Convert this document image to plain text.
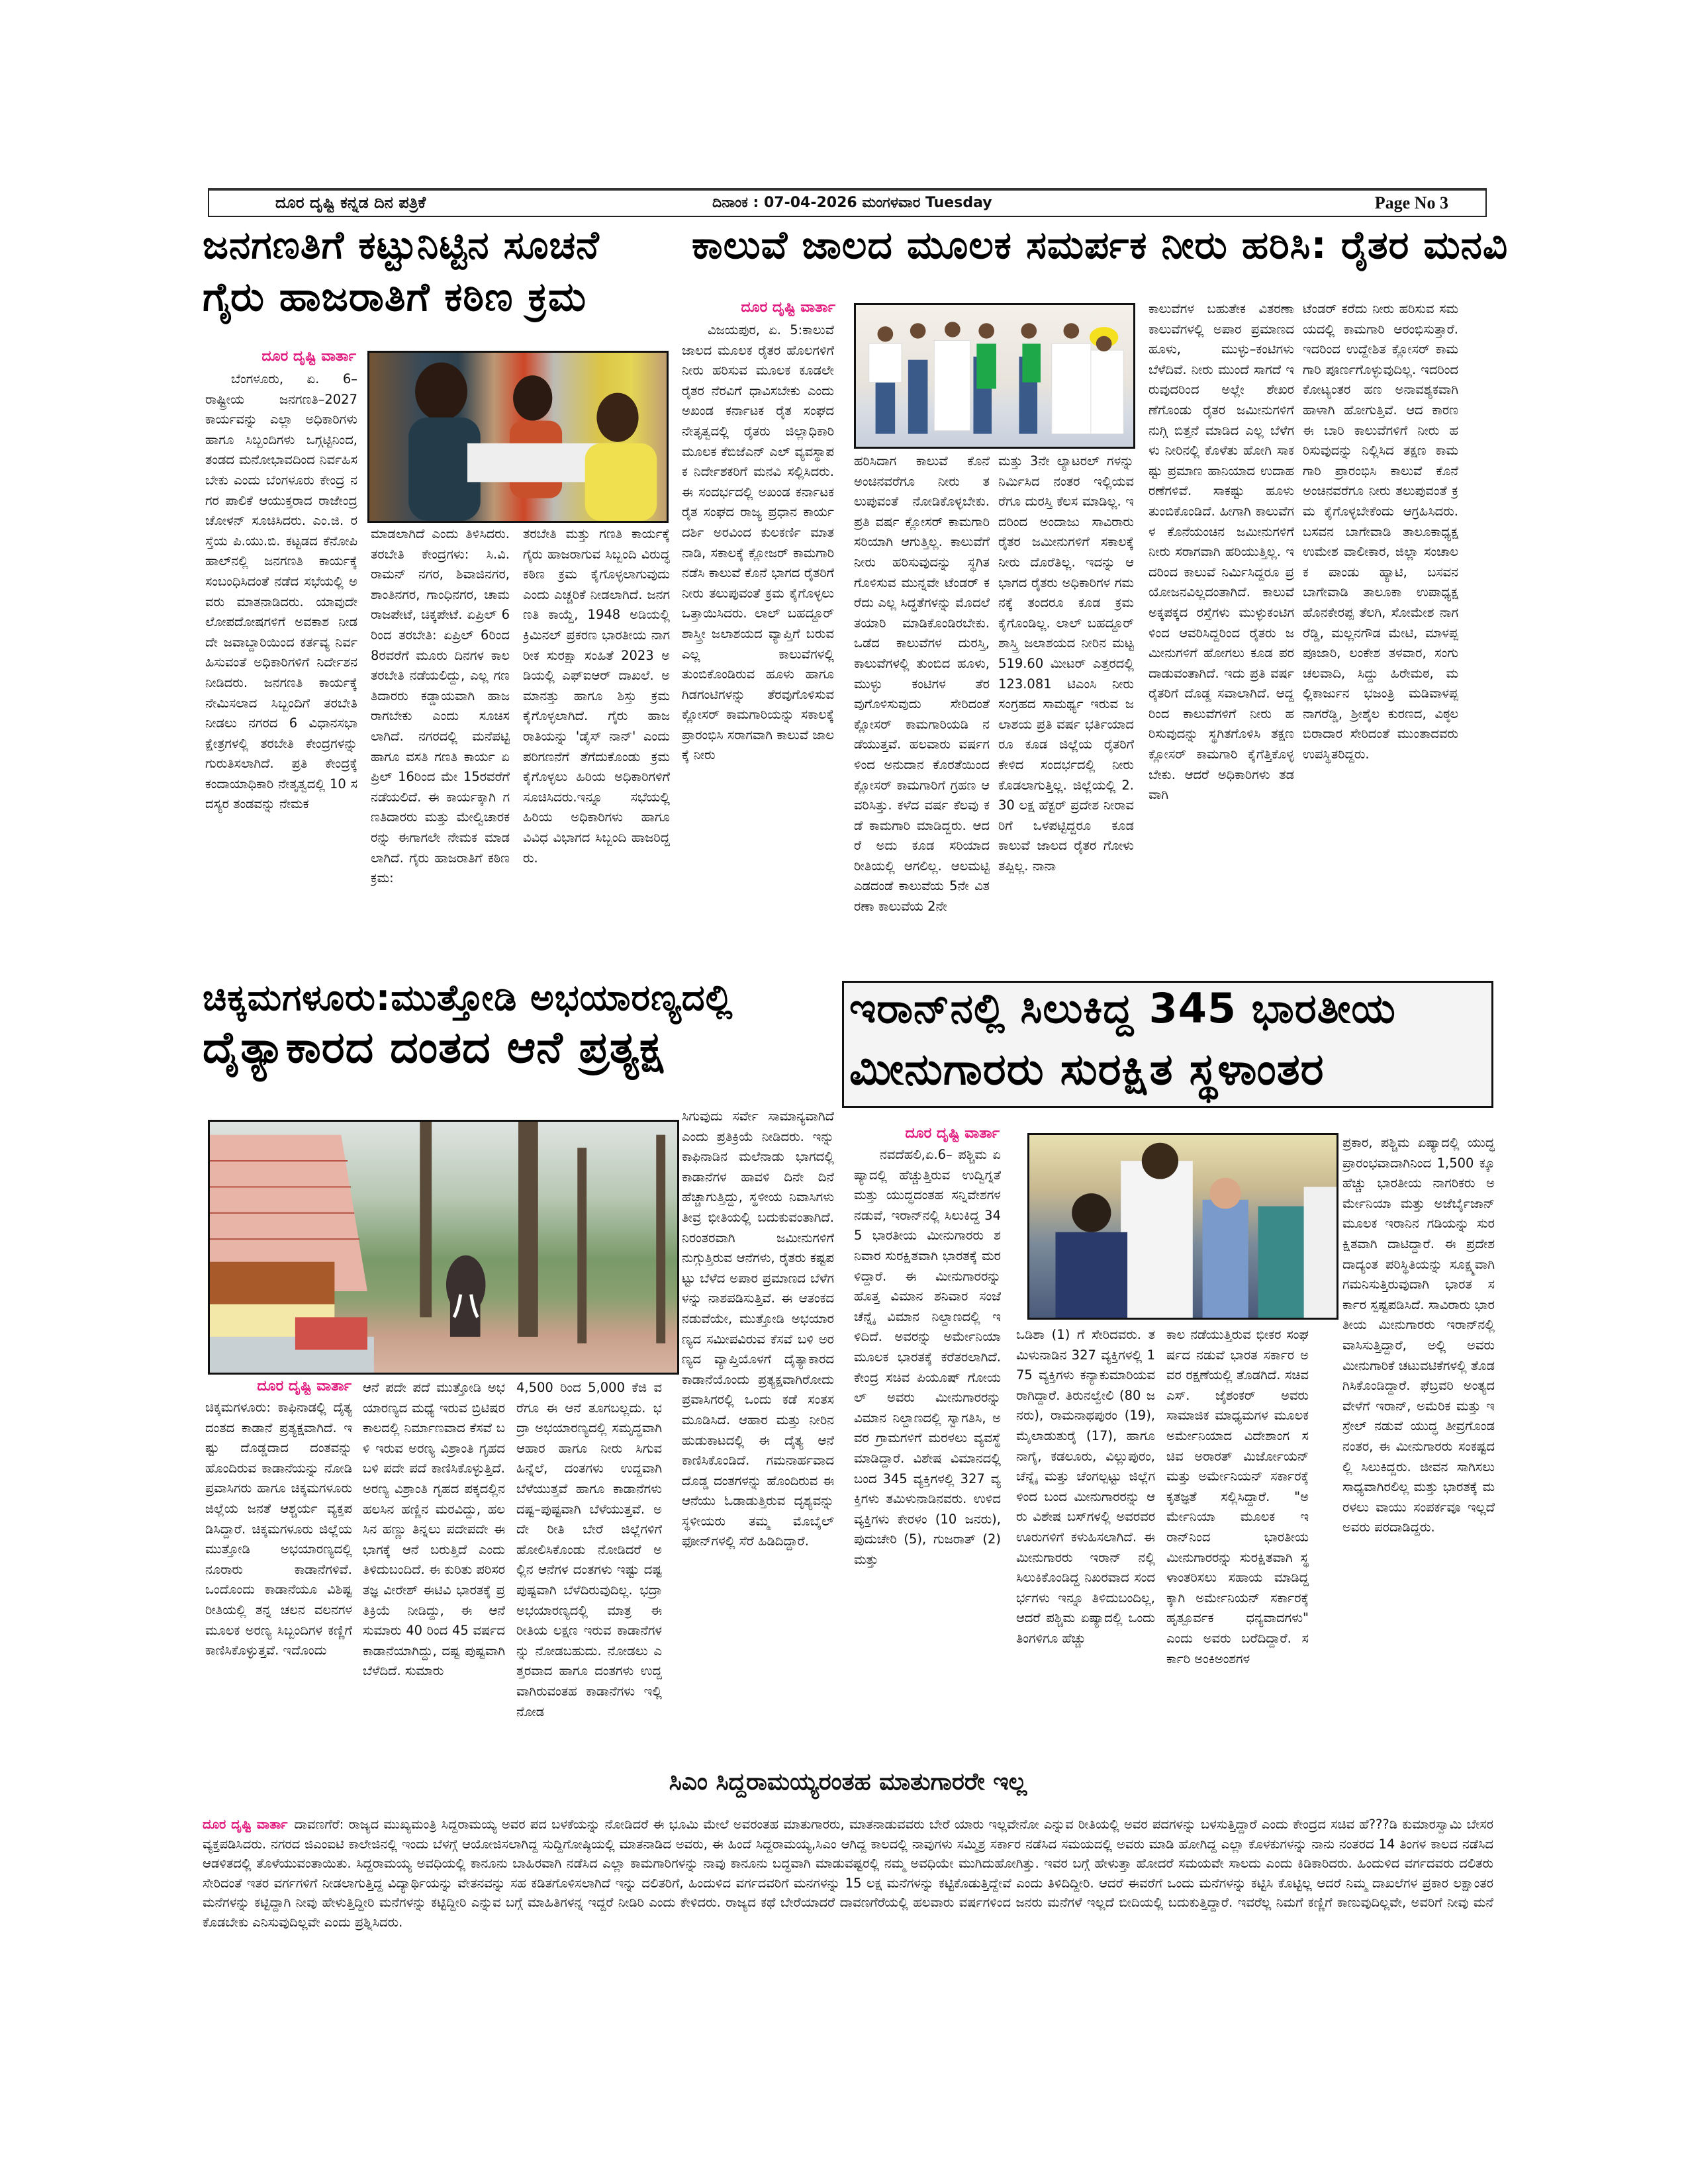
ದೂರ ದೃಷ್ಟಿ ಕನ್ನಡ ದಿನ ಪತ್ರಿಕೆ	ದಿನಾಂಕ : 07-04-2026 ಮಂಗಳವಾರ Tuesday	Page No 3
ಜನಗಣತಿಗೆ ಕಟ್ಟುನಿಟ್ಟಿನ ಸೂಚನೆ
ಗೈರು ಹಾಜರಾತಿಗೆ ಕಠಿಣ ಕ್ರಮ
ದೂರ ದೃಷ್ಟಿ ವಾರ್ತಾ

ಬೆಂಗಳೂರು, ಏ. 6– ರಾಷ್ಟ್ರೀಯ ಜನಗಣತಿ–2027 ಕಾರ್ಯವನ್ನು ಎಲ್ಲಾ ಅಧಿಕಾರಿಗಳು ಹಾಗೂ ಸಿಬ್ಬಂದಿಗಳು ಒಗ್ಗಟ್ಟಿನಿಂದ, ತಂಡದ ಮನೋಭಾವದಿಂದ ನಿರ್ವಹಿಸಬೇಕು ಎಂದು ಬೆಂಗಳೂರು ಕೇಂದ್ರ ನಗರ ಪಾಲಿಕೆ ಆಯುಕ್ತರಾದ ರಾಜೇಂದ್ರ ಚೋಳನ್ ಸೂಚಿಸಿದರು. ಎಂ.ಜಿ. ರಸ್ತೆಯ ಪಿ.ಯು.ಬಿ. ಕಟ್ಟಡದ ಕೆನೋಪಿ ಹಾಲ್‌ನಲ್ಲಿ ಜನಗಣತಿ ಕಾರ್ಯಕ್ಕೆ ಸಂಬಂಧಿಸಿದಂತೆ ನಡೆದ ಸಭೆಯಲ್ಲಿ ಅವರು ಮಾತನಾಡಿದರು. ಯಾವುದೇ ಲೋಪದೋಷಗಳಿಗೆ ಅವಕಾಶ ನೀಡದೇ ಜವಾಬ್ದಾರಿಯಿಂದ ಕರ್ತವ್ಯ ನಿರ್ವಹಿಸುವಂತೆ ಅಧಿಕಾರಿಗಳಿಗೆ ನಿರ್ದೇಶನ ನೀಡಿದರು. ಜನಗಣತಿ ಕಾರ್ಯಕ್ಕೆ ನೇಮಿಸಲಾದ ಸಿಬ್ಬಂದಿಗೆ ತರಬೇತಿ ನೀಡಲು ನಗರದ 6 ವಿಧಾನಸಭಾ ಕ್ಷೇತ್ರಗಳಲ್ಲಿ ತರಬೇತಿ ಕೇಂದ್ರಗಳನ್ನು ಗುರುತಿಸಲಾಗಿದೆ. ಪ್ರತಿ ಕೇಂದ್ರಕ್ಕೆ ಕಂದಾಯಾಧಿಕಾರಿ ನೇತೃತ್ವದಲ್ಲಿ 10 ಸದಸ್ಯರ ತಂಡವನ್ನು ನೇಮಕ

ಮಾಡಲಾಗಿದೆ ಎಂದು ತಿಳಿಸಿದರು. ತರಬೇತಿ ಕೇಂದ್ರಗಳು: ಸಿ.ವಿ. ರಾಮನ್ ನಗರ, ಶಿವಾಜಿನಗರ, ಶಾಂತಿನಗರ, ಗಾಂಧಿನಗರ, ಚಾಮರಾಜಪೇಟೆ, ಚಿಕ್ಕಪೇಟೆ. ಏಪ್ರಿಲ್ 6ರಿಂದ ತರಬೇತಿ: ಏಪ್ರಿಲ್ 6ರಿಂದ 8ರವರೆಗೆ ಮೂರು ದಿನಗಳ ಕಾಲ ತರಬೇತಿ ನಡೆಯಲಿದ್ದು, ಎಲ್ಲ ಗಣತಿದಾರರು ಕಡ್ಡಾಯವಾಗಿ ಹಾಜರಾಗಬೇಕು ಎಂದು ಸೂಚಿಸಲಾಗಿದೆ. ನಗರದಲ್ಲಿ ಮನೆಪಟ್ಟಿ ಹಾಗೂ ವಸತಿ ಗಣತಿ ಕಾರ್ಯ ಏಪ್ರಿಲ್ 16ರಿಂದ ಮೇ 15ರವರೆಗೆ ನಡೆಯಲಿದೆ. ಈ ಕಾರ್ಯಕ್ಕಾಗಿ ಗಣತಿದಾರರು ಮತ್ತು ಮೇಲ್ವಿಚಾರಕರನ್ನು ಈಗಾಗಲೇ ನೇಮಕ ಮಾಡಲಾಗಿದೆ. ಗೈರು ಹಾಜರಾತಿಗೆ ಕಠಿಣ ಕ್ರಮ:

ತರಬೇತಿ ಮತ್ತು ಗಣತಿ ಕಾರ್ಯಕ್ಕೆ ಗೈರು ಹಾಜರಾಗುವ ಸಿಬ್ಬಂದಿ ವಿರುದ್ಧ ಕಠಿಣ ಕ್ರಮ ಕೈಗೊಳ್ಳಲಾಗುವುದು ಎಂದು ಎಚ್ಚರಿಕೆ ನೀಡಲಾಗಿದೆ. ಜನಗಣತಿ ಕಾಯ್ದೆ, 1948 ಅಡಿಯಲ್ಲಿ ಕ್ರಿಮಿನಲ್ ಪ್ರಕರಣ ಭಾರತೀಯ ನಾಗರೀಕ ಸುರಕ್ಷಾ ಸಂಹಿತೆ 2023 ಅಡಿಯಲ್ಲಿ ಎಫ್‌ಐಆರ್ ದಾಖಲೆ. ಅಮಾನತ್ತು ಹಾಗೂ ಶಿಸ್ತು ಕ್ರಮ ಕೈಗೊಳ್ಳಲಾಗಿದೆ. ಗೈರು ಹಾಜರಾತಿಯನ್ನು 'ಡೈಸ್ ನಾನ್' ಎಂದು ಪರಿಗಣನೆಗೆ ತೆಗೆದುಕೊಂಡು ಕ್ರಮ ಕೈಗೊಳ್ಳಲು ಹಿರಿಯ ಅಧಿಕಾರಿಗಳಿಗೆ ಸೂಚಿಸಿದರು.ಇನ್ನೂ ಸಭೆಯಲ್ಲಿ ಹಿರಿಯ ಅಧಿಕಾರಿಗಳು ಹಾಗೂ ವಿವಿಧ ವಿಭಾಗದ ಸಿಬ್ಬಂದಿ ಹಾಜರಿದ್ದರು.

ಕಾಲುವೆ ಜಾಲದ ಮೂಲಕ ಸಮರ್ಪಕ ನೀರು ಹರಿಸಿ: ರೈತರ ಮನವಿ
ದೂರ ದೃಷ್ಟಿ ವಾರ್ತಾ

ವಿಜಯಪುರ, ಏ. 5:ಕಾಲುವೆ ಜಾಲದ ಮೂಲಕ ರೈತರ ಹೊಲಗಳಿಗೆ ನೀರು ಹರಿಸುವ ಮೂಲಕ ಕೂಡಲೇ ರೈತರ ನೆರವಿಗೆ ಧಾವಿಸಬೇಕು ಎಂದು ಅಖಂಡ ಕರ್ನಾಟಕ ರೈತ ಸಂಘದ ನೇತೃತ್ವದಲ್ಲಿ ರೈತರು ಜಿಲ್ಲಾಧಿಕಾರಿ ಮೂಲಕ ಕೆಬಿಜೆಎನ್ ಎಲ್ ವ್ಯವಸ್ಥಾಪಕ ನಿರ್ದೇಶಕರಿಗೆ ಮನವಿ ಸಲ್ಲಿಸಿದರು. ಈ ಸಂದರ್ಭದಲ್ಲಿ ಅಖಂಡ ಕರ್ನಾಟಕ ರೈತ ಸಂಘದ ರಾಜ್ಯ ಪ್ರಧಾನ ಕಾರ್ಯದರ್ಶಿ ಅರವಿಂದ ಕುಲಕರ್ಣಿ ಮಾತನಾಡಿ, ಸಕಾಲಕ್ಕೆ ಕ್ಲೋಜರ್ ಕಾಮಗಾರಿ ನಡೆಸಿ ಕಾಲುವೆ ಕೊನೆ ಭಾಗದ ರೈತರಿಗೆ ನೀರು ತಲುಪುವಂತೆ ಕ್ರಮ ಕೈಗೊಳ್ಳಲು ಒತ್ತಾಯಿಸಿದರು. ಲಾಲ್ ಬಹದ್ದೂರ್ ಶಾಸ್ತ್ರೀ ಜಲಾಶಯದ ವ್ಯಾಪ್ತಿಗೆ ಬರುವ ಎಲ್ಲ ಕಾಲುವೆಗಳಲ್ಲಿ ತುಂಬಿಕೊಂಡಿರುವ ಹೂಳು ಹಾಗೂ ಗಿಡಗಂಟಿಗಳನ್ನು ತೆರವುಗೊಳಿಸುವ ಕ್ಲೋಸರ್ ಕಾಮಗಾರಿಯನ್ನು ಸಕಾಲಕ್ಕೆ ಪ್ರಾರಂಭಿಸಿ ಸರಾಗವಾಗಿ ಕಾಲುವೆ ಜಾಲಕ್ಕೆ ನೀರು

ಹರಿಸಿದಾಗ ಕಾಲುವೆ ಕೊನೆ ಅಂಚಿನವರೆಗೂ ನೀರು ತಲುಪುವಂತೆ ನೋಡಿಕೊಳ್ಳಬೇಕು. ಪ್ರತಿ ವರ್ಷ ಕ್ಲೋಸರ್ ಕಾಮಗಾರಿ ಸರಿಯಾಗಿ ಆಗುತ್ತಿಲ್ಲ. ಕಾಲುವೆಗೆ ನೀರು ಹರಿಸುವುದನ್ನು ಸ್ಥಗಿತಗೊಳಿಸುವ ಮುನ್ನವೇ ಟೆಂಡರ್ ಕರೆದು ಎಲ್ಲ ಸಿದ್ಧತೆಗಳನ್ನು ಮೊದಲೆ ತಯಾರಿ ಮಾಡಿಕೊಂಡಿರಬೇಕು. ಒಡೆದ ಕಾಲುವೆಗಳ ದುರಸ್ತಿ, ಕಾಲುವೆಗಳಲ್ಲಿ ತುಂಬಿದ ಹೂಳು, ಮುಳ್ಳು ಕಂಟಿಗಳ ತೆರವುಗೊಳಿಸುವುದು ಸೇರಿದಂತೆ ಕ್ಲೋಸರ್ ಕಾಮಗಾರಿಯಡಿ ನಡೆಯುತ್ತವೆ. ಹಲವಾರು ವರ್ಷಗಳಿಂದ ಅನುದಾನ ಕೊರತೆಯಿಂದ ಕ್ಲೋಸರ್ ಕಾಮಗಾರಿಗೆ ಗ್ರಹಣ ಆವರಿಸಿತ್ತು. ಕಳೆದ ವರ್ಷ ಕೆಲವು ಕಡೆ ಕಾಮಗಾರಿ ಮಾಡಿದ್ದರು. ಆದರೆ ಅದು ಕೂಡ ಸರಿಯಾದ ರೀತಿಯಲ್ಲಿ ಆಗಲಿಲ್ಲ. ಆಲಮಟ್ಟಿ ಎಡದಂಡೆ ಕಾಲುವೆಯ 5ನೇ ವಿತರಣಾ ಕಾಲುವೆಯ 2ನೇ

ಮತ್ತು 3ನೇ ಲ್ಯಾಟರಲ್ ಗಳನ್ನು ನಿರ್ಮಿಸಿದ ನಂತರ ಇಲ್ಲಿಯವರೆಗೂ ದುರಸ್ತಿ ಕೆಲಸ ಮಾಡಿಲ್ಲ. ಇದರಿಂದ ಅಂದಾಜು ಸಾವಿರಾರು ರೈತರ ಜಮೀನುಗಳಿಗೆ ಸಕಾಲಕ್ಕೆ ನೀರು ದೊರೆತಿಲ್ಲ. ಇದನ್ನು ಆ ಭಾಗದ ರೈತರು ಅಧಿಕಾರಿಗಳ ಗಮನಕ್ಕೆ ತಂದರೂ ಕೂಡ ಕ್ರಮ ಕೈಗೊಂಡಿಲ್ಲ. ಲಾಲ್ ಬಹದ್ದೂರ್ ಶಾಸ್ತ್ರಿ ಜಲಾಶಯದ ನೀರಿನ ಮಟ್ಟ 519.60 ಮೀಟರ್ ಎತ್ತರದಲ್ಲಿ 123.081 ಟಿಎಂಸಿ ನೀರು ಸಂಗ್ರಹದ ಸಾಮರ್ಥ್ಯ ಇರುವ ಜಲಾಶಯ ಪ್ರತಿ ವರ್ಷ ಭರ್ತಿಯಾದರೂ ಕೂಡ ಜಿಲ್ಲೆಯ ರೈತರಿಗೆ ಕೇಳಿದ ಸಂದರ್ಭದಲ್ಲಿ ನೀರು ಕೊಡಲಾಗುತ್ತಿಲ್ಲ. ಜಿಲ್ಲೆಯಲ್ಲಿ 2.30 ಲಕ್ಷ ಹೆಕ್ಟರ್ ಪ್ರದೇಶ ನೀರಾವರಿಗೆ ಒಳಪಟ್ಟಿದ್ದರೂ ಕೂಡ ಕಾಲುವೆ ಜಾಲದ ರೈತರ ಗೋಳು ತಪ್ಪಿಲ್ಲ. ನಾನಾ

ಕಾಲುವೆಗಳ ಬಹುತೇಕ ವಿತರಣಾ ಕಾಲುವೆಗಳಲ್ಲಿ ಅಪಾರ ಪ್ರಮಾಣದ ಹೂಳು, ಮುಳ್ಳು–ಕಂಟಿಗಳು ಬೆಳೆದಿವೆ. ನೀರು ಮುಂದೆ ಸಾಗದೆ ಇರುವುದರಿಂದ ಅಲ್ಲೇ ಶೇಖರಣೆಗೊಂಡು ರೈತರ ಜಮೀನುಗಳಿಗೆ ನುಗ್ಗಿ ಬಿತ್ತನೆ ಮಾಡಿದ ಎಲ್ಲ ಬೆಳೆಗಳು ನೀರಿನಲ್ಲಿ ಕೊಳೆತು ಹೋಗಿ ಸಾಕಷ್ಟು ಪ್ರಮಾಣ ಹಾನಿಯಾದ ಉದಾಹರಣೆಗಳಿವೆ. ಸಾಕಷ್ಟು ಹೂಳು ತುಂಬಿಕೊಂಡಿದೆ. ಹೀಗಾಗಿ ಕಾಲುವೆಗಳ ಕೊನೆಯಂಚಿನ ಜಮೀನುಗಳಿಗೆ ನೀರು ಸರಾಗವಾಗಿ ಹರಿಯುತ್ತಿಲ್ಲ. ಇದರಿಂದ ಕಾಲುವೆ ನಿರ್ಮಿಸಿದ್ದರೂ ಪ್ರಯೋಜನವಿಲ್ಲದಂತಾಗಿದೆ. ಕಾಲುವೆ ಅಕ್ಕಪಕ್ಕದ ರಸ್ತೆಗಳು ಮುಳ್ಳುಕಂಟಿಗಳಿಂದ ಆವರಿಸಿದ್ದರಿಂದ ರೈತರು ಜಮೀನುಗಳಿಗೆ ಹೋಗಲು ಕೂಡ ಪರದಾಡುವಂತಾಗಿದೆ. ಇದು ಪ್ರತಿ ವರ್ಷ ರೈತರಿಗೆ ದೊಡ್ಡ ಸವಾಲಾಗಿದೆ. ಆದ್ದರಿಂದ ಕಾಲುವೆಗಳಿಗೆ ನೀರು ಹರಿಸುವುದನ್ನು ಸ್ಥಗಿತಗೊಳಿಸಿ ತಕ್ಷಣ ಕ್ಲೋಸರ್ ಕಾಮಗಾರಿ ಕೈಗೆತ್ತಿಕೊಳ್ಳಬೇಕು. ಆದರೆ ಅಧಿಕಾರಿಗಳು ತಡವಾಗಿ

ಟೆಂಡರ್ ಕರೆದು ನೀರು ಹರಿಸುವ ಸಮಯದಲ್ಲಿ ಕಾಮಗಾರಿ ಆರಂಭಿಸುತ್ತಾರೆ. ಇದರಿಂದ ಉದ್ದೇಶಿತ ಕ್ಲೋಸರ್ ಕಾಮಗಾರಿ ಪೂರ್ಣಗೊಳ್ಳುವುದಿಲ್ಲ. ಇದರಿಂದ ಕೋಟ್ಯಂತರ ಹಣ ಅನಾವಶ್ಯಕವಾಗಿ ಹಾಳಾಗಿ ಹೋಗುತ್ತಿವೆ. ಆದ ಕಾರಣ ಈ ಬಾರಿ ಕಾಲುವೆಗಳಿಗೆ ನೀರು ಹರಿಸುವುದನ್ನು ನಿಲ್ಲಿಸಿದ ತಕ್ಷಣ ಕಾಮಗಾರಿ ಪ್ರಾರಂಭಿಸಿ ಕಾಲುವೆ ಕೊನೆ ಅಂಚಿನವರೆಗೂ ನೀರು ತಲುಪುವಂತೆ ಕ್ರಮ ಕೈಗೊಳ್ಳಬೇಕೆಂದು ಆಗ್ರಹಿಸಿದರು. ಬಸವನ ಬಾಗೇವಾಡಿ ತಾಲೂಕಾಧ್ಯಕ್ಷ ಉಮೇಶ ವಾಲೀಕಾರ, ಜಿಲ್ಲಾ ಸಂಚಾಲಕ ಪಾಂಡು ಹ್ಯಾಟಿ, ಬಸವನ ಬಾಗೇವಾಡಿ ತಾಲೂಕಾ ಉಪಾಧ್ಯಕ್ಷ ಹೊನಕೇರಪ್ಪ ತೆಲಗಿ, ಸೋಮೇಶ ನಾಗರೆಡ್ಡಿ, ಮಲ್ಲನಗೌಡ ಮೇಟಿ, ಮಾಳಪ್ಪ ಪೂಜಾರಿ, ಲಂಕೇಶ ತಳವಾರ, ಸಂಗು ಚಲವಾದಿ, ಸಿದ್ದು ಹಿರೇಮಠ, ಮಲ್ಲಿಕಾರ್ಜುನ ಭಜಂತ್ರಿ ಮಡಿವಾಳಪ್ಪ ನಾಗರೆಡ್ಡಿ, ಶ್ರೀಶೈಲ ಕುರಣದ, ವಿಠ್ಠಲ ಬಿರಾದಾರ ಸೇರಿದಂತೆ ಮುಂತಾದವರು ಉಪಸ್ಥಿತರಿದ್ದರು.

ಚಿಕ್ಕಮಗಳೂರು:ಮುತ್ತೋಡಿ ಅಭಯಾರಣ್ಯದಲ್ಲಿ
ದೈತ್ಯಾಕಾರದ ದಂತದ ಆನೆ ಪ್ರತ್ಯಕ್ಷ
ದೂರ ದೃಷ್ಟಿ ವಾರ್ತಾ

ಚಿಕ್ಕಮಗಳೂರು: ಕಾಫಿನಾಡಲ್ಲಿ ದೈತ್ಯ ದಂತದ ಕಾಡಾನೆ ಪ್ರತ್ಯಕ್ಷವಾಗಿದೆ. ಇಷ್ಟು ದೊಡ್ಡದಾದ ದಂತವನ್ನು ಹೊಂದಿರುವ ಕಾಡಾನೆಯನ್ನು ನೋಡಿ ಪ್ರವಾಸಿಗರು ಹಾಗೂ ಚಿಕ್ಕಮಗಳೂರು ಜಿಲ್ಲೆಯ ಜನತೆ ಆಶ್ಚರ್ಯ ವ್ಯಕ್ತಪಡಿಸಿದ್ದಾರೆ. ಚಿಕ್ಕಮಗಳೂರು ಜಿಲ್ಲೆಯ ಮುತ್ತೋಡಿ ಅಭಯಾರಣ್ಯದಲ್ಲಿ ನೂರಾರು ಕಾಡಾನೆಗಳಿವೆ. ಒಂದೊಂದು ಕಾಡಾನೆಯೂ ವಿಶಿಷ್ಟ ರೀತಿಯಲ್ಲಿ ತನ್ನ ಚಲನ ವಲನಗಳ ಮೂಲಕ ಅರಣ್ಯ ಸಿಬ್ಬಂದಿಗಳ ಕಣ್ಣಿಗೆ ಕಾಣಿಸಿಕೊಳ್ಳುತ್ತವೆ. ಇದೊಂದು

ಆನೆ ಪದೇ ಪದೆ ಮುತ್ತೋಡಿ ಅಭಯಾರಣ್ಯದ ಮಧ್ಯೆ ಇರುವ ಬ್ರಿಟಿಷರ ಕಾಲದಲ್ಲಿ ನಿರ್ಮಾಣವಾದ ಕೆಸವೆ ಬಳಿ ಇರುವ ಅರಣ್ಯ ವಿಶ್ರಾಂತಿ ಗೃಹದ ಬಳಿ ಪದೇ ಪದೆ ಕಾಣಿಸಿಕೊಳ್ಳುತ್ತಿದೆ. ಅರಣ್ಯ ವಿಶ್ರಾಂತಿ ಗೃಹದ ಪಕ್ಕದಲ್ಲಿನ ಹಲಸಿನ ಹಣ್ಣಿನ ಮರವಿದ್ದು, ಹಲಸಿನ ಹಣ್ಣು ತಿನ್ನಲು ಪದೇಪದೇ ಈ ಭಾಗಕ್ಕೆ ಆನೆ ಬರುತ್ತಿದೆ ಎಂದು ತಿಳಿದುಬಂದಿದೆ. ಈ ಕುರಿತು ಪರಿಸರ ತಜ್ಞ ವೀರೇಶ್ ಈಟಿವಿ ಭಾರತಕ್ಕೆ ಪ್ರತಿಕ್ರಿಯೆ ನೀಡಿದ್ದು, ಈ ಆನೆ ಸುಮಾರು 40 ರಿಂದ 45 ವರ್ಷದ ಕಾಡಾನೆಯಾಗಿದ್ದು, ದಷ್ಟ ಪುಷ್ಟವಾಗಿ ಬೆಳೆದಿದೆ. ಸುಮಾರು

4,500 ರಿಂದ 5,000 ಕೆಜಿ ವರೆಗೂ ಈ ಆನೆ ತೂಗಬಲ್ಲದು. ಭದ್ರಾ ಅಭಯಾರಣ್ಯದಲ್ಲಿ ಸಮೃದ್ಧವಾಗಿ ಆಹಾರ ಹಾಗೂ ನೀರು ಸಿಗುವ ಹಿನ್ನೆಲೆ, ದಂತಗಳು ಉದ್ದವಾಗಿ ಬೆಳೆಯುತ್ತವೆ ಹಾಗೂ ಕಾಡಾನೆಗಳು ದಷ್ಟ–ಪುಷ್ಟವಾಗಿ ಬೆಳೆಯುತ್ತವೆ. ಅದೇ ರೀತಿ ಬೇರೆ ಜಿಲ್ಲೆಗಳಿಗೆ ಹೋಲಿಸಿಕೊಂಡು ನೋಡಿದರೆ ಅಲ್ಲಿನ ಆನೆಗಳ ದಂತಗಳು ಇಷ್ಟು ದಷ್ಟಪುಷ್ಟವಾಗಿ ಬೆಳೆದಿರುವುದಿಲ್ಲ. ಭದ್ರಾ ಅಭಯಾರಣ್ಯದಲ್ಲಿ ಮಾತ್ರ ಈ ರೀತಿಯ ಲಕ್ಷಣ ಇರುವ ಕಾಡಾನೆಗಳನ್ನು ನೋಡಬಹುದು. ನೋಡಲು ಎತ್ತರವಾದ ಹಾಗೂ ದಂತಗಳು ಉದ್ದವಾಗಿರುವಂತಹ ಕಾಡಾನೆಗಳು ಇಲ್ಲಿ ನೋಡ

ಸಿಗುವುದು ಸರ್ವೇ ಸಾಮಾನ್ಯವಾಗಿದೆ ಎಂದು ಪ್ರತಿಕ್ರಿಯೆ ನೀಡಿದರು. ಇನ್ನು ಕಾಫಿನಾಡಿನ ಮಲೆನಾಡು ಭಾಗದಲ್ಲಿ ಕಾಡಾನೆಗಳ ಹಾವಳಿ ದಿನೇ ದಿನೆ ಹೆಚ್ಚಾಗುತ್ತಿದ್ದು, ಸ್ಥಳೀಯ ನಿವಾಸಿಗಳು ತೀವ್ರ ಭೀತಿಯಲ್ಲಿ ಬದುಕುವಂತಾಗಿದೆ. ನಿರಂತರವಾಗಿ ಜಮೀನುಗಳಿಗೆ ನುಗ್ಗುತ್ತಿರುವ ಆನೆಗಳು, ರೈತರು ಕಷ್ಟಪಟ್ಟು ಬೆಳೆದ ಅಪಾರ ಪ್ರಮಾಣದ ಬೆಳೆಗಳನ್ನು ನಾಶಪಡಿಸುತ್ತಿವೆ. ಈ ಆತಂಕದ ನಡುವೆಯೇ, ಮುತ್ತೋಡಿ ಅಭಯಾರಣ್ಯದ ಸಮೀಪವಿರುವ ಕೆಸವೆ ಬಳಿ ಅರಣ್ಯದ ವ್ಯಾಪ್ತಿಯೊಳಗೆ ದೈತ್ಯಾಕಾರದ ಕಾಡಾನೆಯೊಂದು ಪ್ರತ್ಯಕ್ಷವಾಗಿರೋದು ಪ್ರವಾಸಿಗರಲ್ಲಿ ಒಂದು ಕಡೆ ಸಂತಸ ಮೂಡಿಸಿದೆ. ಆಹಾರ ಮತ್ತು ನೀರಿನ ಹುಡುಕಾಟದಲ್ಲಿ ಈ ದೈತ್ಯ ಆನೆ ಕಾಣಿಸಿಕೊಂಡಿದೆ. ಗಮನಾರ್ಹವಾದ ದೊಡ್ಡ ದಂತಗಳನ್ನು ಹೊಂದಿರುವ ಈ ಆನೆಯು ಓಡಾಡುತ್ತಿರುವ ದೃಶ್ಯವನ್ನು ಸ್ಥಳೀಯರು ತಮ್ಮ ಮೊಬೈಲ್ ಫೋನ್‌ಗಳಲ್ಲಿ ಸೆರೆ ಹಿಡಿದಿದ್ದಾರೆ.

ಇರಾನ್‌ನಲ್ಲಿ ಸಿಲುಕಿದ್ದ 345 ಭಾರತೀಯ
ಮೀನುಗಾರರು ಸುರಕ್ಷಿತ ಸ್ಥಳಾಂತರ
ದೂರ ದೃಷ್ಟಿ ವಾರ್ತಾ

ನವದೆಹಲಿ,ಏ.6– ಪಶ್ಚಿಮ ಏಷ್ಯಾದಲ್ಲಿ ಹೆಚ್ಚುತ್ತಿರುವ ಉದ್ವಿಗ್ನತೆ ಮತ್ತು ಯುದ್ಧದಂತಹ ಸನ್ನಿವೇಶಗಳ ನಡುವೆ, ಇರಾನ್‌ನಲ್ಲಿ ಸಿಲುಕಿದ್ದ 345 ಭಾರತೀಯ ಮೀನುಗಾರರು ಶನಿವಾರ ಸುರಕ್ಷಿತವಾಗಿ ಭಾರತಕ್ಕೆ ಮರಳಿದ್ದಾರೆ. ಈ ಮೀನುಗಾರರನ್ನು ಹೊತ್ತ ವಿಮಾನ ಶನಿವಾರ ಸಂಜೆ ಚೆನ್ನೈ ವಿಮಾನ ನಿಲ್ದಾಣದಲ್ಲಿ ಇಳಿದಿದೆ. ಅವರನ್ನು ಅರ್ಮೇನಿಯಾ ಮೂಲಕ ಭಾರತಕ್ಕೆ ಕರೆತರಲಾಗಿದೆ. ಕೇಂದ್ರ ಸಚಿವ ಪಿಯೂಷ್ ಗೋಯಲ್ ಅವರು ಮೀನುಗಾರರನ್ನು ವಿಮಾನ ನಿಲ್ದಾಣದಲ್ಲಿ ಸ್ವಾಗತಿಸಿ, ಅವರ ಗ್ರಾಮಗಳಿಗೆ ಮರಳಲು ವ್ಯವಸ್ಥೆ ಮಾಡಿದ್ದಾರೆ. ವಿಶೇಷ ವಿಮಾನದಲ್ಲಿ ಬಂದ 345 ವ್ಯಕ್ತಿಗಳಲ್ಲಿ 327 ವ್ಯಕ್ತಿಗಳು ತಮಿಳುನಾಡಿನವರು. ಉಳಿದ ವ್ಯಕ್ತಿಗಳು ಕೇರಳಂ (10 ಜನರು), ಪುದುಚೇರಿ (5), ಗುಜರಾತ್ (2) ಮತ್ತು

ಒಡಿಶಾ (1) ಗೆ ಸೇರಿದವರು. ತಮಿಳುನಾಡಿನ 327 ವ್ಯಕ್ತಿಗಳಲ್ಲಿ 175 ವ್ಯಕ್ತಿಗಳು ಕನ್ಯಾಕುಮಾರಿಯವರಾಗಿದ್ದಾರೆ. ತಿರುನಲ್ವೇಲಿ (80 ಜನರು), ರಾಮನಾಥಪುರಂ (19), ಮೈಲಾಡುತುರೈ (17), ಹಾಗೂ ನಾಗೈ, ಕಡಲೂರು, ವಿಲ್ಲುಪುರಂ, ಚೆನ್ನೈ ಮತ್ತು ಚೆಂಗಲ್ಪಟ್ಟು ಜಿಲ್ಲೆಗಳಿಂದ ಬಂದ ಮೀನುಗಾರರನ್ನು ಆರು ವಿಶೇಷ ಬಸ್‌ಗಳಲ್ಲಿ ಅವರವರ ಊರುಗಳಿಗೆ ಕಳುಹಿಸಲಾಗಿದೆ. ಈ ಮೀನುಗಾರರು ಇರಾನ್ ನಲ್ಲಿ ಸಿಲುಕಿಕೊಂಡಿದ್ದ ನಿಖರವಾದ ಸಂದರ್ಭಗಳು ಇನ್ನೂ ತಿಳಿದುಬಂದಿಲ್ಲ, ಆದರೆ ಪಶ್ಚಿಮ ಏಷ್ಯಾದಲ್ಲಿ ಒಂದು ತಿಂಗಳಿಗೂ ಹೆಚ್ಚು

ಕಾಲ ನಡೆಯುತ್ತಿರುವ ಭೀಕರ ಸಂಘರ್ಷದ ನಡುವೆ ಭಾರತ ಸರ್ಕಾರ ಅವರ ರಕ್ಷಣೆಯಲ್ಲಿ ತೊಡಗಿದೆ. ಸಚಿವ ಎಸ್. ಜೈಶಂಕರ್ ಅವರು ಸಾಮಾಜಿಕ ಮಾಧ್ಯಮಗಳ ಮೂಲಕ ಅರ್ಮೇನಿಯಾದ ವಿದೇಶಾಂಗ ಸಚಿವ ಅರಾರತ್ ಮಿರ್ಜೋಯನ್ ಮತ್ತು ಅರ್ಮೇನಿಯನ್ ಸರ್ಕಾರಕ್ಕೆ ಕೃತಜ್ಞತೆ ಸಲ್ಲಿಸಿದ್ದಾರೆ. "ಅರ್ಮೇನಿಯಾ ಮೂಲಕ ಇರಾನ್‌ನಿಂದ ಭಾರತೀಯ ಮೀನುಗಾರರನ್ನು ಸುರಕ್ಷಿತವಾಗಿ ಸ್ಥಳಾಂತರಿಸಲು ಸಹಾಯ ಮಾಡಿದ್ದಕ್ಕಾಗಿ ಅರ್ಮೇನಿಯನ್ ಸರ್ಕಾರಕ್ಕೆ ಹೃತ್ಪೂರ್ವಕ ಧನ್ಯವಾದಗಳು" ಎಂದು ಅವರು ಬರೆದಿದ್ದಾರೆ. ಸರ್ಕಾರಿ ಅಂಕಿಅಂಶಗಳ

ಪ್ರಕಾರ, ಪಶ್ಚಿಮ ಏಷ್ಯಾದಲ್ಲಿ ಯುದ್ಧ ಪ್ರಾರಂಭವಾದಾಗಿನಿಂದ 1,500 ಕ್ಕೂ ಹೆಚ್ಚು ಭಾರತೀಯ ನಾಗರಿಕರು ಅರ್ಮೇನಿಯಾ ಮತ್ತು ಅಜೆರ್ಬೈಜಾನ್ ಮೂಲಕ ಇರಾನಿನ ಗಡಿಯನ್ನು ಸುರಕ್ಷಿತವಾಗಿ ದಾಟಿದ್ದಾರೆ. ಈ ಪ್ರದೇಶದಾದ್ಯಂತ ಪರಿಸ್ಥಿತಿಯನ್ನು ಸೂಕ್ಷ್ಮವಾಗಿ ಗಮನಿಸುತ್ತಿರುವುದಾಗಿ ಭಾರತ ಸರ್ಕಾರ ಸ್ಪಷ್ಟಪಡಿಸಿದೆ. ಸಾವಿರಾರು ಭಾರತೀಯ ಮೀನುಗಾರರು ಇರಾನ್‌ನಲ್ಲಿ ವಾಸಿಸುತ್ತಿದ್ದಾರೆ, ಅಲ್ಲಿ ಅವರು ಮೀನುಗಾರಿಕೆ ಚಟುವಟಿಕೆಗಳಲ್ಲಿ ತೊಡಗಿಸಿಕೊಂಡಿದ್ದಾರೆ. ಫೆಬ್ರವರಿ ಅಂತ್ಯದ ವೇಳೆಗೆ ಇರಾನ್, ಅಮೆರಿಕ ಮತ್ತು ಇಸ್ರೇಲ್ ನಡುವೆ ಯುದ್ಧ ತೀವ್ರಗೊಂಡ ನಂತರ, ಈ ಮೀನುಗಾರರು ಸಂಕಷ್ಟದಲ್ಲಿ ಸಿಲುಕಿದ್ದರು. ಜೀವನ ಸಾಗಿಸಲು ಸಾಧ್ಯವಾಗಿರಲಿಲ್ಲ ಮತ್ತು ಭಾರತಕ್ಕೆ ಮರಳಲು ವಾಯು ಸಂಪರ್ಕವೂ ಇಲ್ಲದೆ ಅವರು ಪರದಾಡಿದ್ದರು.

ಸಿಎಂ ಸಿದ್ದರಾಮಯ್ಯರಂತಹ ಮಾತುಗಾರರೇ ಇಲ್ಲ
ದೂರ ದೃಷ್ಟಿ ವಾರ್ತಾ ದಾವಣಗೆರೆ: ರಾಜ್ಯದ ಮುಖ್ಯಮಂತ್ರಿ ಸಿದ್ದರಾಮಯ್ಯ ಅವರ ಪದ ಬಳಕೆಯನ್ನು ನೋಡಿದರೆ ಈ ಭೂಮಿ ಮೇಲೆ ಅವರಂತಹ ಮಾತುಗಾರರು, ಮಾತನಾಡುವವರು ಬೇರೆ ಯಾರು ಇಲ್ಲವೇನೋ ಎನ್ನುವ ರೀತಿಯಲ್ಲಿ ಅವರ ಪದಗಳನ್ನು ಬಳಸುತ್ತಿದ್ದಾರೆ ಎಂದು ಕೇಂದ್ರದ ಸಚಿವ ಹೆ???ಡಿ ಕುಮಾರಸ್ವಾಮಿ ಬೇಸರ ವ್ಯಕ್ತಪಡಿಸಿದರು. ನಗರದ ಜಿಎಂಐಟಿ ಕಾಲೇಜಿನಲ್ಲಿ ಇಂದು ಬೆಳಗ್ಗೆ ಆಯೋಜಿಸಲಾಗಿದ್ದ ಸುದ್ದಿಗೋಷ್ಠಿಯಲ್ಲಿ ಮಾತನಾಡಿದ ಅವರು, ಈ ಹಿಂದೆ ಸಿದ್ದರಾಮಯ್ಯ,ಸಿಎಂ ಆಗಿದ್ದ ಕಾಲದಲ್ಲಿ ನಾವುಗಳು ಸಮ್ಮಿಶ್ರ ಸರ್ಕಾರ ನಡೆಸಿದ ಸಮಯದಲ್ಲಿ ಅವರು ಮಾಡಿ ಹೋಗಿದ್ದ ಎಲ್ಲಾ ಕೊಳಕುಗಳನ್ನು ನಾನು ನಂತರದ 14 ತಿಂಗಳ ಕಾಲದ ನಡೆಸಿದ ಆಡಳಿತದಲ್ಲಿ ತೊಳೆಯುವಂತಾಯಿತು. ಸಿದ್ದರಾಮಯ್ಯ ಅವಧಿಯಲ್ಲಿ ಕಾನೂನು ಬಾಹಿರವಾಗಿ ನಡೆಸಿದ ಎಲ್ಲಾ ಕಾಮಗಾರಿಗಳನ್ನು ನಾವು ಕಾನೂನು ಬದ್ಧವಾಗಿ ಮಾಡುವಷ್ಟರಲ್ಲಿ ನಮ್ಮ ಅವಧಿಯೇ ಮುಗಿದುಹೋಗಿತ್ತು. ಇವರ ಬಗ್ಗೆ ಹೇಳುತ್ತಾ ಹೋದರೆ ಸಮಯವೇ ಸಾಲದು ಎಂದು ಕಿಡಿಕಾರಿದರು. ಹಿಂದುಳಿದ ವರ್ಗದವರು ದಲಿತರು ಸೇರಿದಂತೆ ಇತರ ವರ್ಗಗಳಿಗೆ ನೀಡಲಾಗುತ್ತಿದ್ದ ವಿದ್ಯಾರ್ಥಿಯನ್ನು ವೇತನವನ್ನು ಸಹ ಕಡಿತಗೊಳಿಸಲಾಗಿದೆ ಇನ್ನು ದಲಿತರಿಗೆ, ಹಿಂದುಳಿದ ವರ್ಗದವರಿಗೆ ಮನಗಳನ್ನು 15 ಲಕ್ಷ ಮನೆಗಳನ್ನು ಕಟ್ಟಿಕೊಡುತ್ತಿದ್ದೇವೆ ಎಂದು ತಿಳಿದಿದ್ದೀರಿ. ಆದರೆ ಈವರೆಗೆ ಒಂದು ಮನೆಗಳನ್ನು ಕಟ್ಟಿಸಿ ಕೊಟ್ಟಿಲ್ಲ ಆದರೆ ನಿಮ್ಮ ದಾಖಲೆಗಳ ಪ್ರಕಾರ ಲಕ್ಷಾಂತರ ಮನೆಗಳನ್ನು ಕಟ್ಟಿದ್ದಾಗಿ ನೀವು ಹೇಳುತ್ತಿದ್ದೀರಿ ಮನೆಗಳನ್ನು ಕಟ್ಟಿದ್ದೀರಿ ಎನ್ನುವ ಬಗ್ಗೆ ಮಾಹಿತಿಗಳನ್ನ ಇದ್ದರೆ ನೀಡಿರಿ ಎಂದು ಕೇಳಿದರು. ರಾಜ್ಯದ ಕಥೆ ಬೇರೆಯಾದರೆ ದಾವಣಗೆರೆಯಲ್ಲಿ ಹಲವಾರು ವರ್ಷಗಳಿಂದ ಜನರು ಮನೆಗಳೆ ಇಲ್ಲದೆ ಬೀದಿಯಲ್ಲಿ ಬದುಕುತ್ತಿದ್ದಾರೆ. ಇವರೆಲ್ಲ ನಿಮಗೆ ಕಣ್ಣಿಗೆ ಕಾಣುವುದಿಲ್ಲವೇ, ಅವರಿಗೆ ನೀವು ಮನೆ ಕೊಡಬೇಕು ಎನಿಸುವುದಿಲ್ಲವೇ ಎಂದು ಪ್ರಶ್ನಿಸಿದರು.
